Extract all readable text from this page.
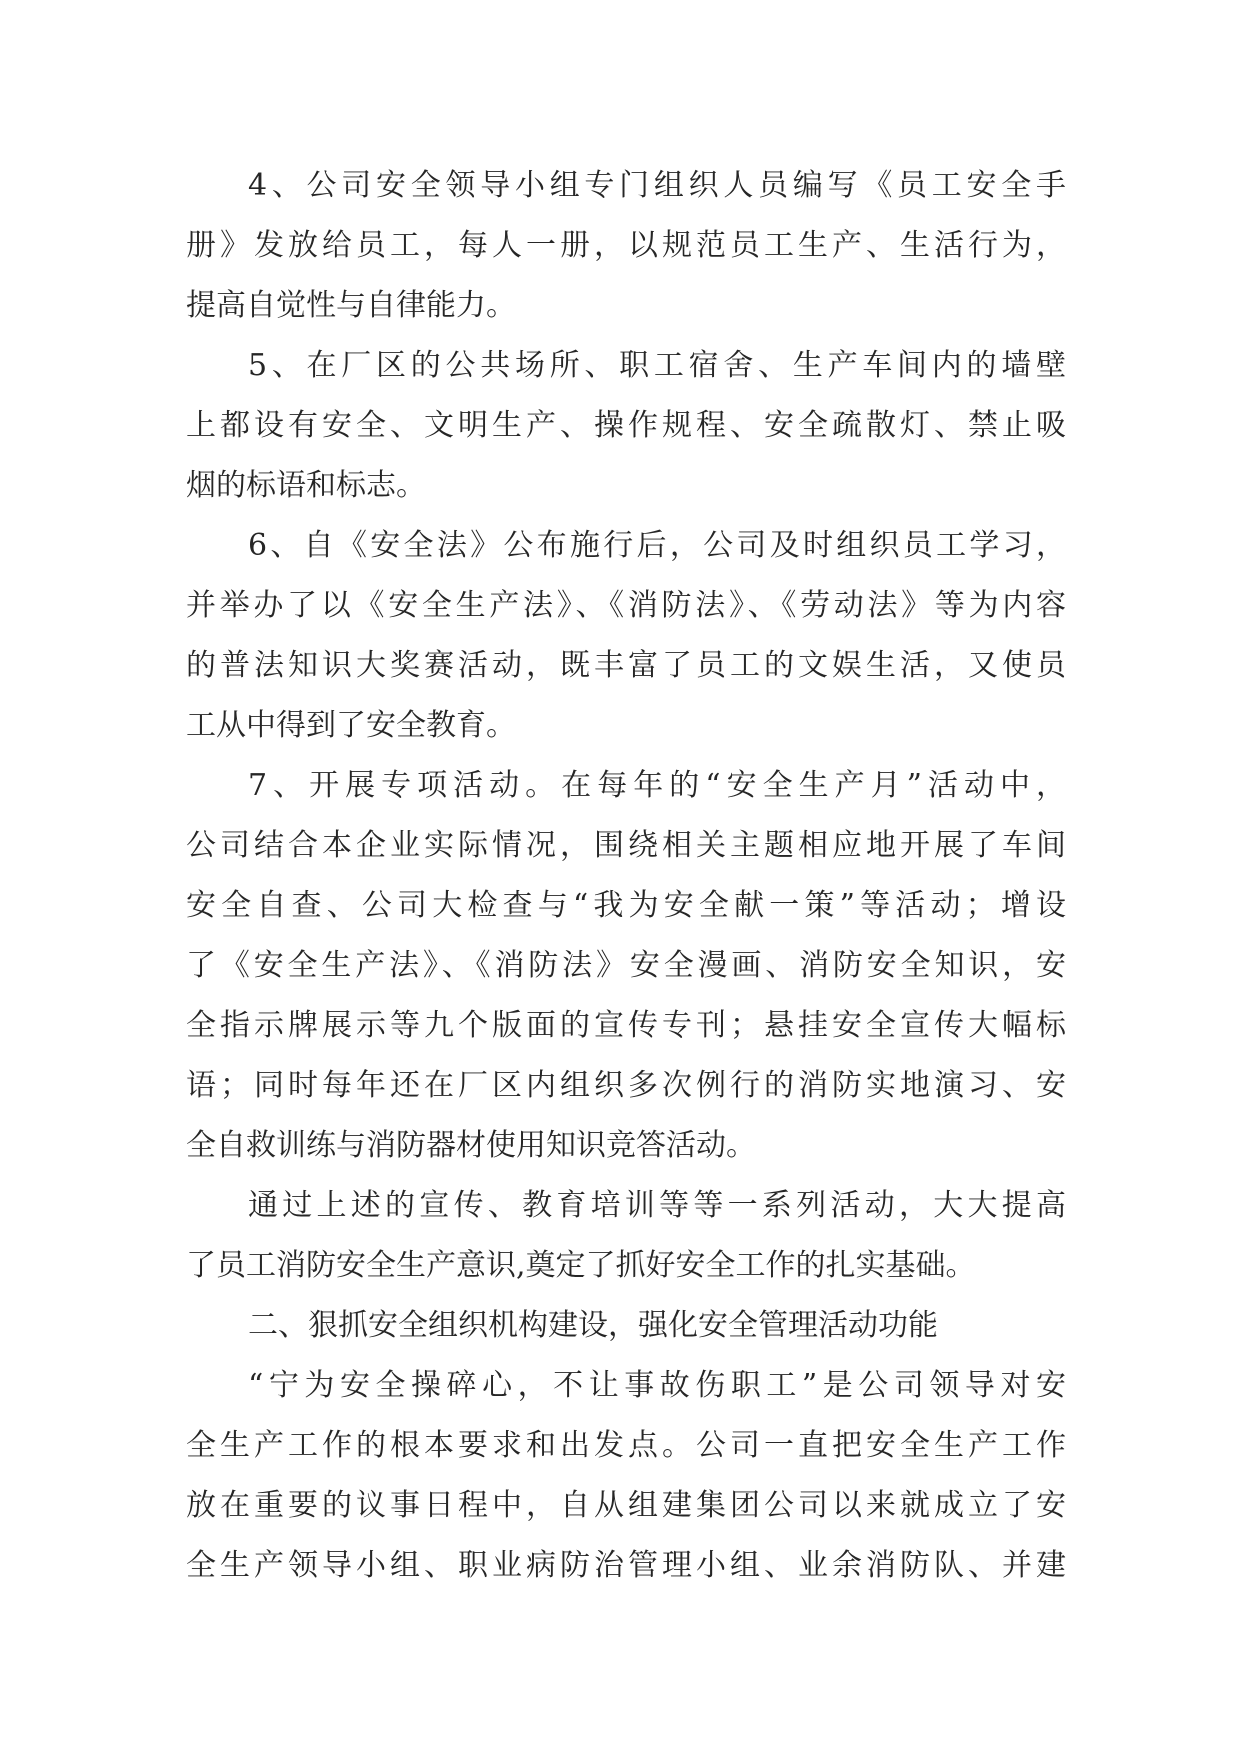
4、公司安全领导小组专门组织人员编写《员工安全手
册》发放给员工，每人一册，以规范员工生产、生活行为，
提高自觉性与自律能力。
5、在厂区的公共场所、职工宿舍、生产车间内的墙壁
上都设有安全、文明生产、操作规程、安全疏散灯、禁止吸
烟的标语和标志。
6、自《安全法》公布施行后，公司及时组织员工学习，
并举办了以《安全生产法》、《消防法》、《劳动法》等为内容
的普法知识大奖赛活动，既丰富了员工的文娱生活，又使员
工从中得到了安全教育。
7、开展专项活动。在每年的“安全生产月”活动中，
公司结合本企业实际情况，围绕相关主题相应地开展了车间
安全自查、公司大检查与“我为安全献一策”等活动；增设
了《安全生产法》、《消防法》安全漫画、消防安全知识，安
全指示牌展示等九个版面的宣传专刊；悬挂安全宣传大幅标
语；同时每年还在厂区内组织多次例行的消防实地演习、安
全自救训练与消防器材使用知识竞答活动。
通过上述的宣传、教育培训等等一系列活动，大大提高
了员工消防安全生产意识,奠定了抓好安全工作的扎实基础。
二、狠抓安全组织机构建设，强化安全管理活动功能
“宁为安全操碎心，不让事故伤职工”是公司领导对安
全生产工作的根本要求和出发点。公司一直把安全生产工作
放在重要的议事日程中，自从组建集团公司以来就成立了安
全生产领导小组、职业病防治管理小组、业余消防队、并建
